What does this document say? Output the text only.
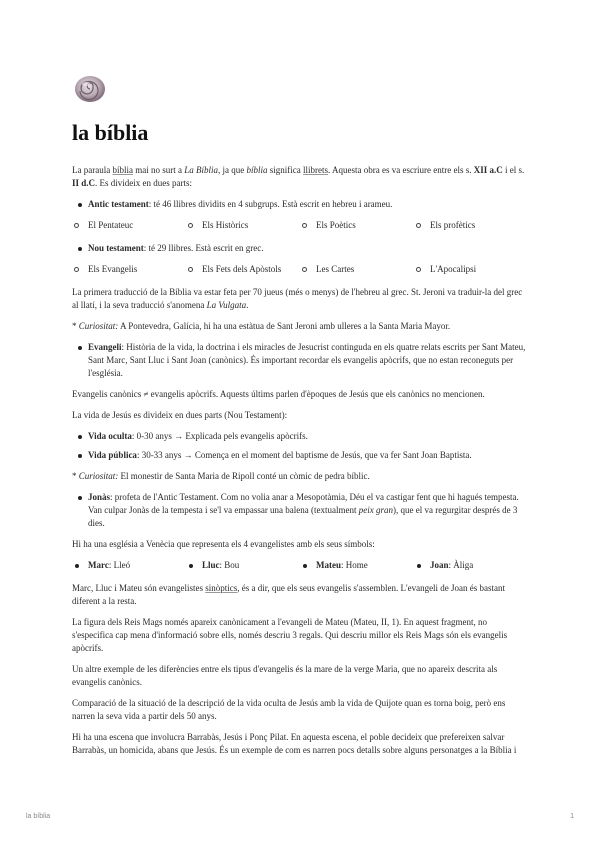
la bíblia

La paraula bíblia mai no surt a La Bíblia, ja que bíblia significa llibrets. Aquesta obra es va escriure entre els s. XII a.C i el s. II d.C. Es divideix en dues parts:

Antic testament: té 46 llibres dividits en 4 subgrups. Està escrit en hebreu i arameu.
El Pentateuc	Els Històrics	Els Poètics	Els profètics
Nou testament: té 29 llibres. Està escrit en grec.
Els Evangelis	Els Fets dels Apòstols	Les Cartes	L'Apocalipsi

La primera traducció de la Bíblia va estar feta per 70 jueus (més o menys) de l'hebreu al grec. St. Jeroni va traduir-la del grec al llatí, i la seva traducció s'anomena La Vulgata.

* Curiositat: A Pontevedra, Galícia, hi ha una estàtua de Sant Jeroni amb ulleres a la Santa Maria Mayor.

Evangeli: Història de la vida, la doctrina i els miracles de Jesucrist continguda en els quatre relats escrits per Sant Mateu, Sant Marc, Sant Lluc i Sant Joan (canònics). És important recordar els evangelis apòcrifs, que no estan reconeguts per l'església.

Evangelis canònics ≠ evangelis apòcrifs. Aquests últims parlen d'èpoques de Jesús que els canònics no mencionen.

La vida de Jesús es divideix en dues parts (Nou Testament):

Vida oculta: 0-30 anys → Explicada pels evangelis apòcrifs.
Vida pública: 30-33 anys → Comença en el moment del baptisme de Jesús, que va fer Sant Joan Baptista.

* Curiositat: El monestir de Santa Maria de Ripoll conté un còmic de pedra bíblic.

Jonàs: profeta de l'Antic Testament. Com no volia anar a Mesopotàmia, Déu el va castigar fent que hi hagués tempesta. Van culpar Jonàs de la tempesta i se'l va empassar una balena (textualment peix gran), que el va regurgitar després de 3 dies.

Hi ha una església a Venècia que representa els 4 evangelistes amb els seus símbols:

Marc: Lleó	Lluc: Bou	Mateu: Home	Joan: Àliga

Marc, Lluc i Mateu són evangelistes sinòptics, és a dir, que els seus evangelis s'assemblen. L'evangeli de Joan és bastant diferent a la resta.

La figura dels Reis Mags només apareix canònicament a l'evangeli de Mateu (Mateu, II, 1). En aquest fragment, no s'especifica cap mena d'informació sobre ells, només descriu 3 regals. Qui descriu millor els Reis Mags són els evangelis apòcrifs.

Un altre exemple de les diferències entre els tipus d'evangelis és la mare de la verge Maria, que no apareix descrita als evangelis canònics.

Comparació de la situació de la descripció de la vida oculta de Jesús amb la vida de Quijote quan es torna boig, però ens narren la seva vida a partir dels 50 anys.

Hi ha una escena que involucra Barrabàs, Jesús i Ponç Pilat. En aquesta escena, el poble decideix que prefereixen salvar Barrabàs, un homicida, abans que Jesús. És un exemple de com es narren pocs detalls sobre alguns personatges a la Bíblia i

la bíblia	1
